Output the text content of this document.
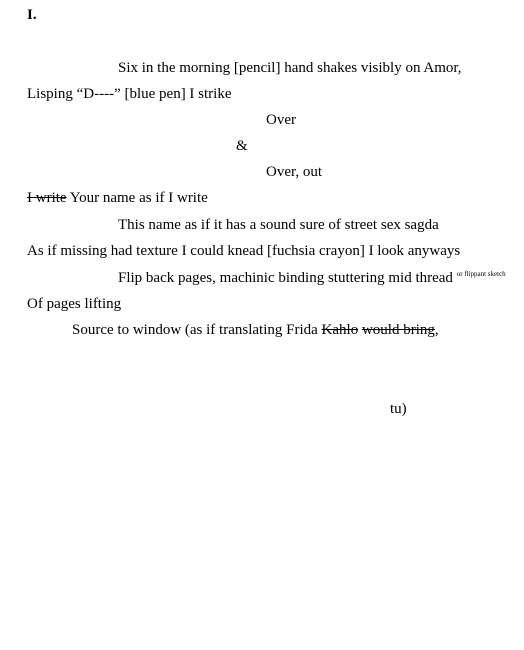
I.

Six in the morning [pencil] hand shakes visibly on Amor,

Lisping “D----” [blue pen] I strike

Over

&

Over, out

I write Your name as if I write

This name as if it has a sound sure of street sex sagda

As if missing had texture I could knead [fuchsia crayon] I look anyways

Flip back pages, machinic binding stuttering mid thread $^{or flippant sketch}$

Of pages lifting

Source to window (as if translating Frida Kahlo would bring,

tu)
